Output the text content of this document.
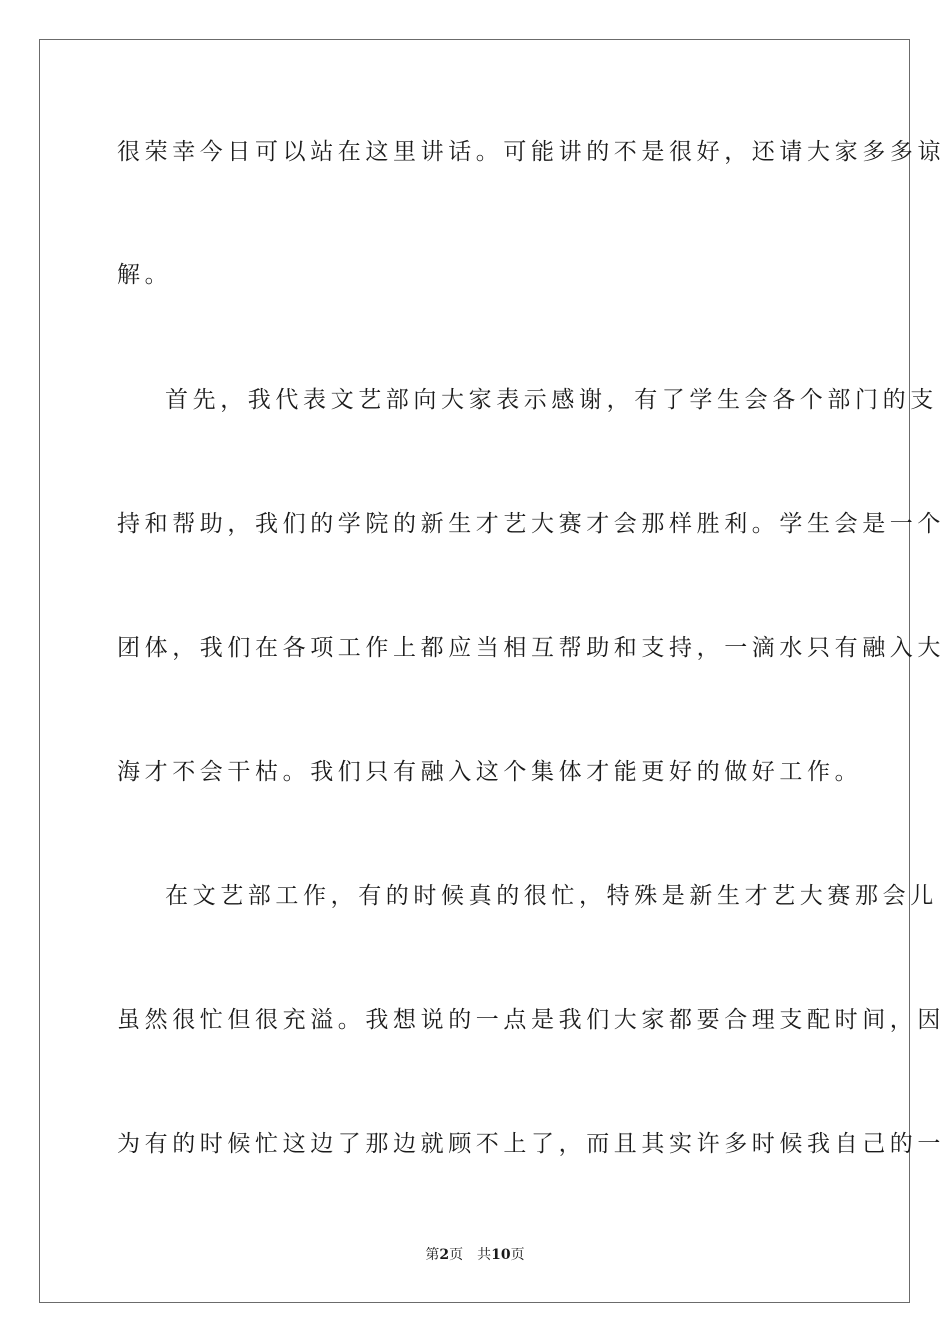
很荣幸今日可以站在这里讲话。可能讲的不是很好，还请大家多多谅
解。
首先，我代表文艺部向大家表示感谢，有了学生会各个部门的支
持和帮助，我们的学院的新生才艺大赛才会那样胜利。学生会是一个
团体，我们在各项工作上都应当相互帮助和支持，一滴水只有融入大
海才不会干枯。我们只有融入这个集体才能更好的做好工作。
在文艺部工作，有的时候真的很忙，特殊是新生才艺大赛那会儿
虽然很忙但很充溢。我想说的一点是我们大家都要合理支配时间，因
为有的时候忙这边了那边就顾不上了，而且其实许多时候我自己的一
第2页 共10页
